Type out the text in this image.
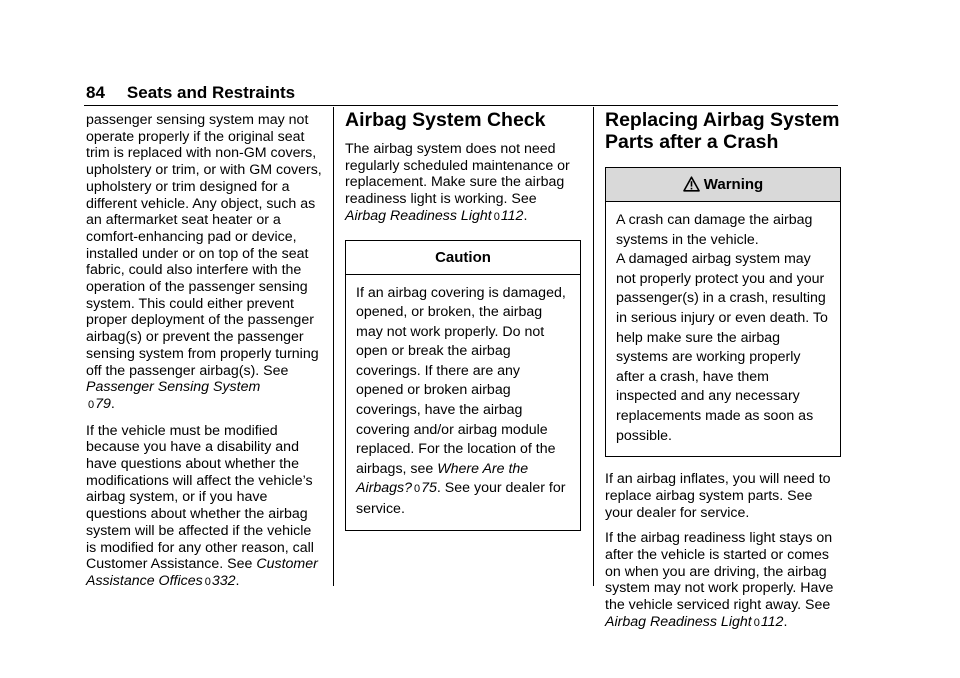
84 Seats and Restraints

passenger sensing system may not operate properly if the original seat trim is replaced with non-GM covers, upholstery or trim, or with GM covers, upholstery or trim designed for a different vehicle. Any object, such as an aftermarket seat heater or a comfort-enhancing pad or device, installed under or on top of the seat fabric, could also interfere with the operation of the passenger sensing system. This could either prevent proper deployment of the passenger airbag(s) or prevent the passenger sensing system from properly turning off the passenger airbag(s). See Passenger Sensing System
079.

If the vehicle must be modified because you have a disability and have questions about whether the modifications will affect the vehicle’s airbag system, or if you have questions about whether the airbag system will be affected if the vehicle is modified for any other reason, call Customer Assistance. See Customer Assistance Offices 0332.

Airbag System Check

The airbag system does not need regularly scheduled maintenance or replacement. Make sure the airbag readiness light is working. See Airbag Readiness Light 0112.

Caution

If an airbag covering is damaged, opened, or broken, the airbag may not work properly. Do not open or break the airbag coverings. If there are any opened or broken airbag coverings, have the airbag covering and/or airbag module replaced. For the location of the airbags, see Where Are the Airbags? 075. See your dealer for service.

Replacing Airbag System Parts after a Crash
Warning

A crash can damage the airbag systems in the vehicle.

A damaged airbag system may not properly protect you and your passenger(s) in a crash, resulting in serious injury or even death. To help make sure the airbag systems are working properly after a crash, have them inspected and any necessary replacements made as soon as possible.

If an airbag inflates, you will need to replace airbag system parts. See your dealer for service.

If the airbag readiness light stays on after the vehicle is started or comes on when you are driving, the airbag system may not work properly. Have the vehicle serviced right away. See Airbag Readiness Light 0112.
